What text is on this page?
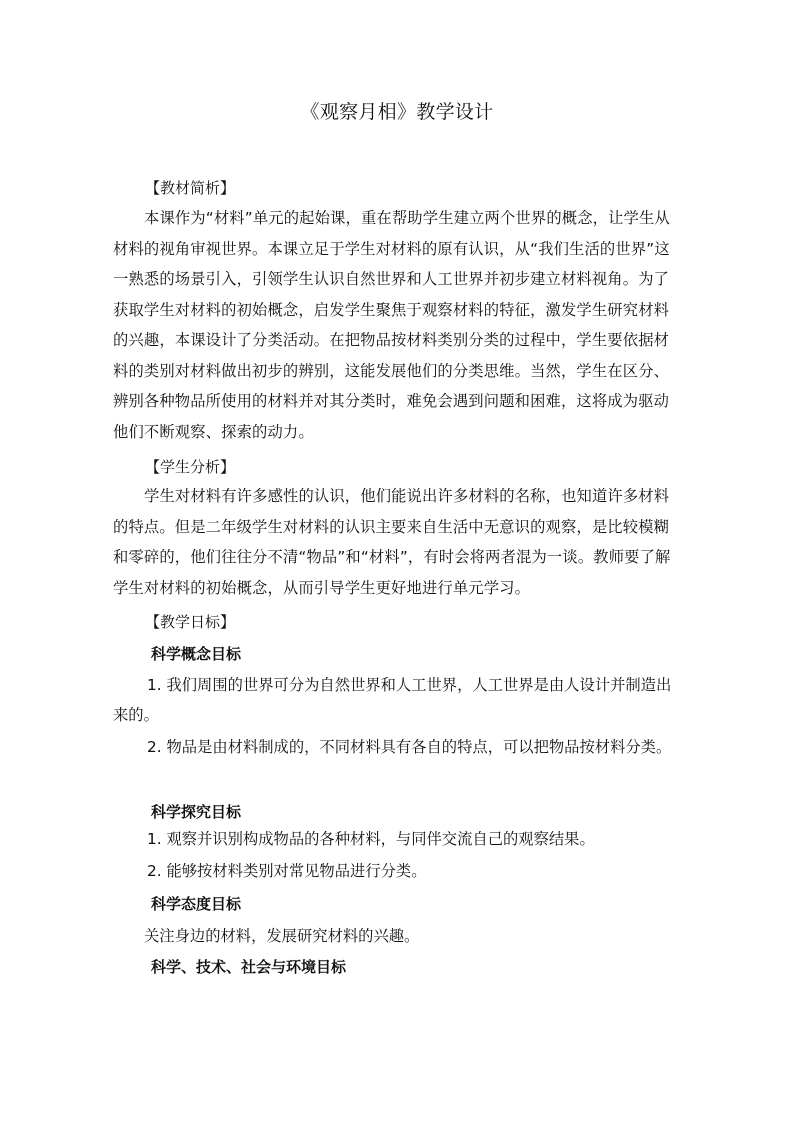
《观察月相》教学设计
【教材简析】

本课作为“材料”单元的起始课，重在帮助学生建立两个世界的概念，让学生从材料的视角审视世界。本课立足于学生对材料的原有认识，从“我们生活的世界”这一熟悉的场景引入，引领学生认识自然世界和人工世界并初步建立材料视角。为了获取学生对材料的初始概念，启发学生聚焦于观察材料的特征，激发学生研究材料的兴趣，本课设计了分类活动。在把物品按材料类别分类的过程中，学生要依据材料的类别对材料做出初步的辨别，这能发展他们的分类思维。当然，学生在区分、辨别各种物品所使用的材料并对其分类时，难免会遇到问题和困难，这将成为驱动他们不断观察、探索的动力。

【学生分析】

学生对材料有许多感性的认识，他们能说出许多材料的名称，也知道许多材料的特点。但是二年级学生对材料的认识主要来自生活中无意识的观察，是比较模糊和零碎的，他们往往分不清“物品”和“材料”，有时会将两者混为一谈。教师要了解学生对材料的初始概念，从而引导学生更好地进行单元学习。

【教学日标】
科学概念目标
1. 我们周围的世界可分为自然世界和人工世界，人工世界是由人设计并制造出来的。
2. 物品是由材料制成的，不同材料具有各自的特点，可以把物品按材料分类。
科学探究目标
1. 观察并识别构成物品的各种材料，与同伴交流自己的观察结果。
2. 能够按材料类别对常见物品进行分类。
科学态度目标
关注身边的材料，发展研究材料的兴趣。
科学、技术、社会与环境目标
